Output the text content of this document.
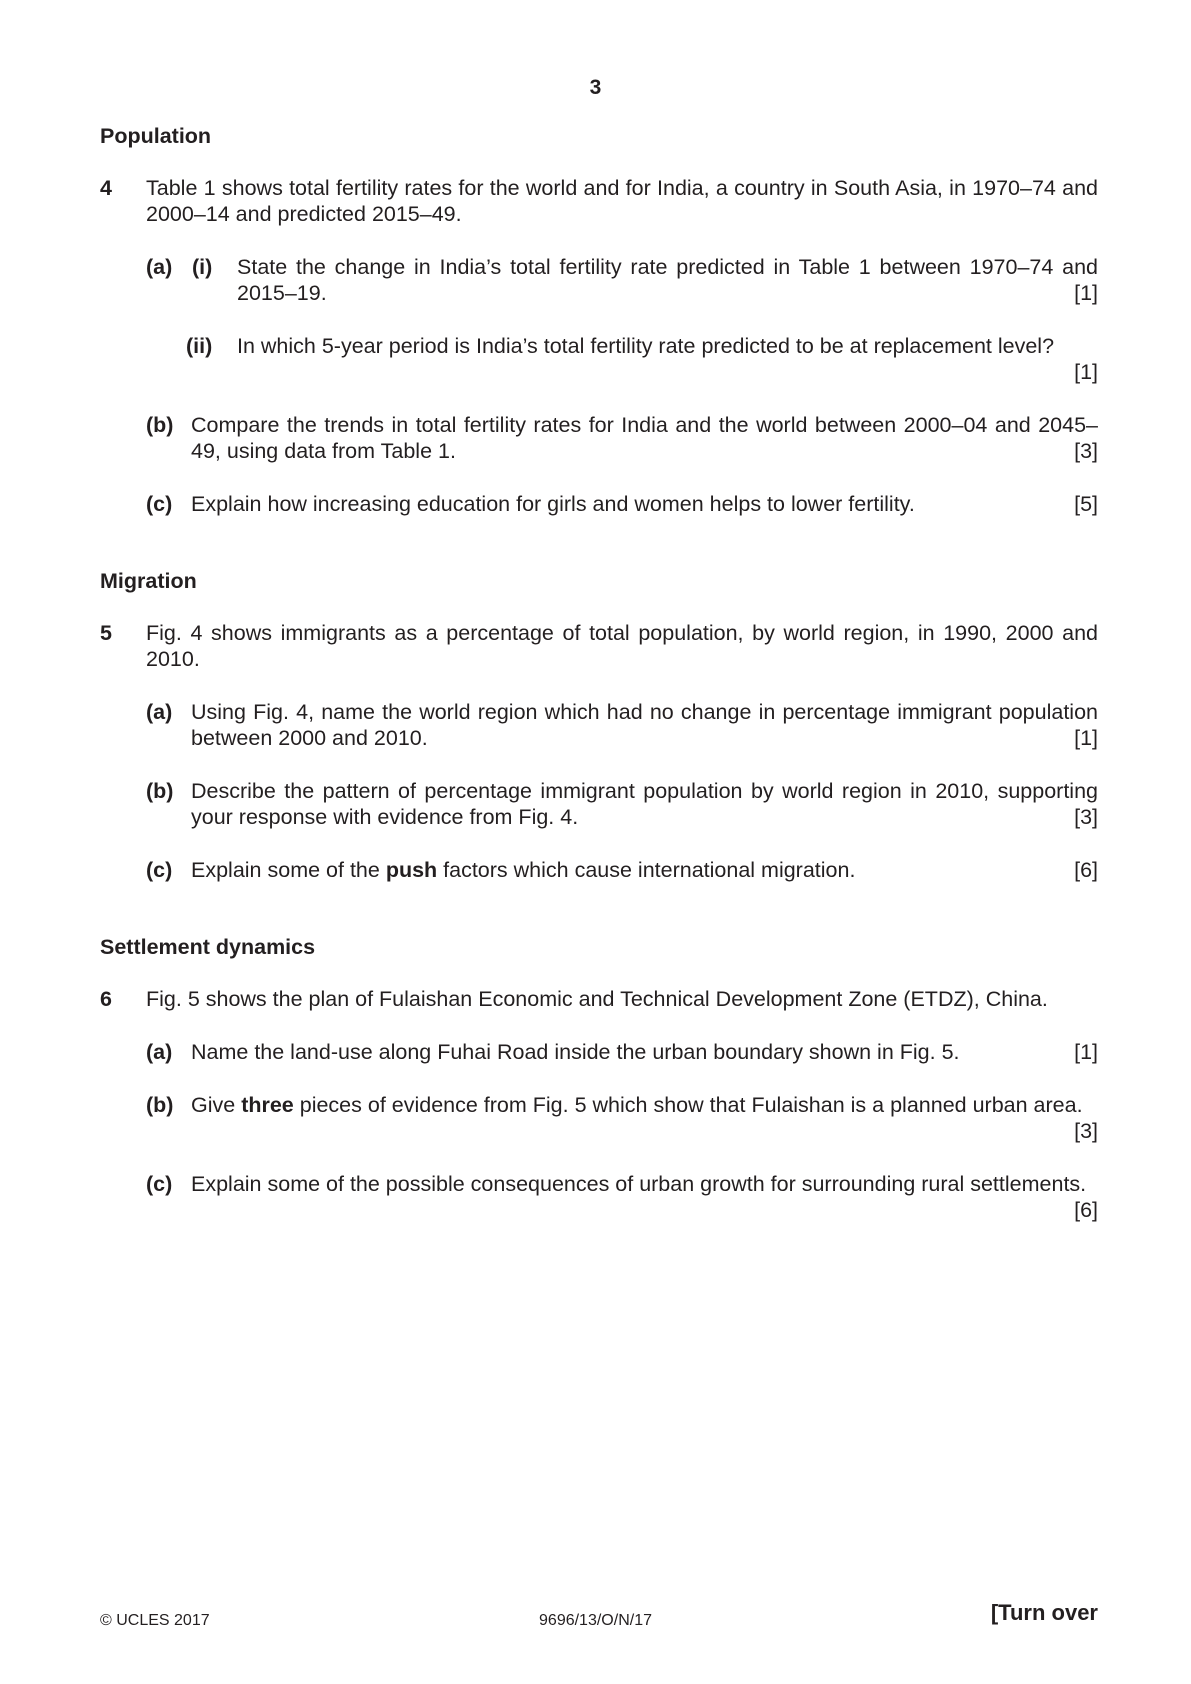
3
Population
4 Table 1 shows total fertility rates for the world and for India, a country in South Asia, in 1970–74 and 2000–14 and predicted 2015–49.
(a) (i) State the change in India’s total fertility rate predicted in Table 1 between 1970–74 and 2015–19.	[1]
(ii) In which 5-year period is India’s total fertility rate predicted to be at replacement level?
[1]
(b) Compare the trends in total fertility rates for India and the world between 2000–04 and 2045–49, using data from Table 1.	[3]
(c) Explain how increasing education for girls and women helps to lower fertility.	[5]
Migration
5 Fig. 4 shows immigrants as a percentage of total population, by world region, in 1990, 2000 and 2010.
(a) Using Fig. 4, name the world region which had no change in percentage immigrant population between 2000 and 2010.	[1]
(b) Describe the pattern of percentage immigrant population by world region in 2010, supporting your response with evidence from Fig. 4.	[3]
(c) Explain some of the push factors which cause international migration.	[6]
Settlement dynamics
6 Fig. 5 shows the plan of Fulaishan Economic and Technical Development Zone (ETDZ), China.
(a) Name the land-use along Fuhai Road inside the urban boundary shown in Fig. 5.	[1]
(b) Give three pieces of evidence from Fig. 5 which show that Fulaishan is a planned urban area.
[3]
(c) Explain some of the possible consequences of urban growth for surrounding rural settlements.
[6]
© UCLES 2017	9696/13/O/N/17	[Turn over
